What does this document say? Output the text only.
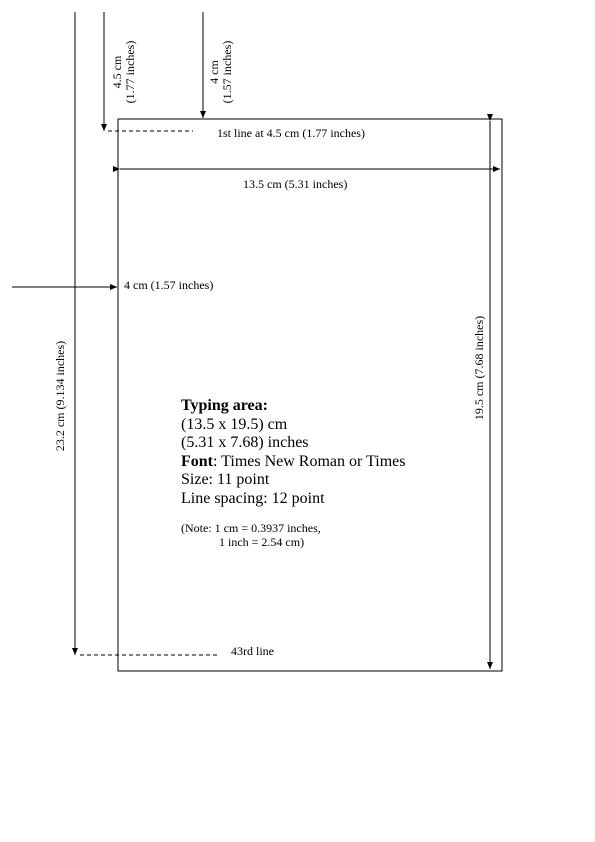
4.5 cm (1.77 inches)	4 cm (1.57 inches)
23.2 cm (9.134 inches)	19.5 cm (7.68 inches)
1st line at 4.5 cm (1.77 inches)
13.5 cm (5.31 inches)
4 cm (1.57 inches)
43rd line
Typing area:
(13.5 x 19.5) cm
(5.31 x 7.68) inches
Font: Times New Roman or Times
Size: 11 point
Line spacing: 12 point
(Note: 1 cm = 0.3937 inches,
1 inch = 2.54 cm)
